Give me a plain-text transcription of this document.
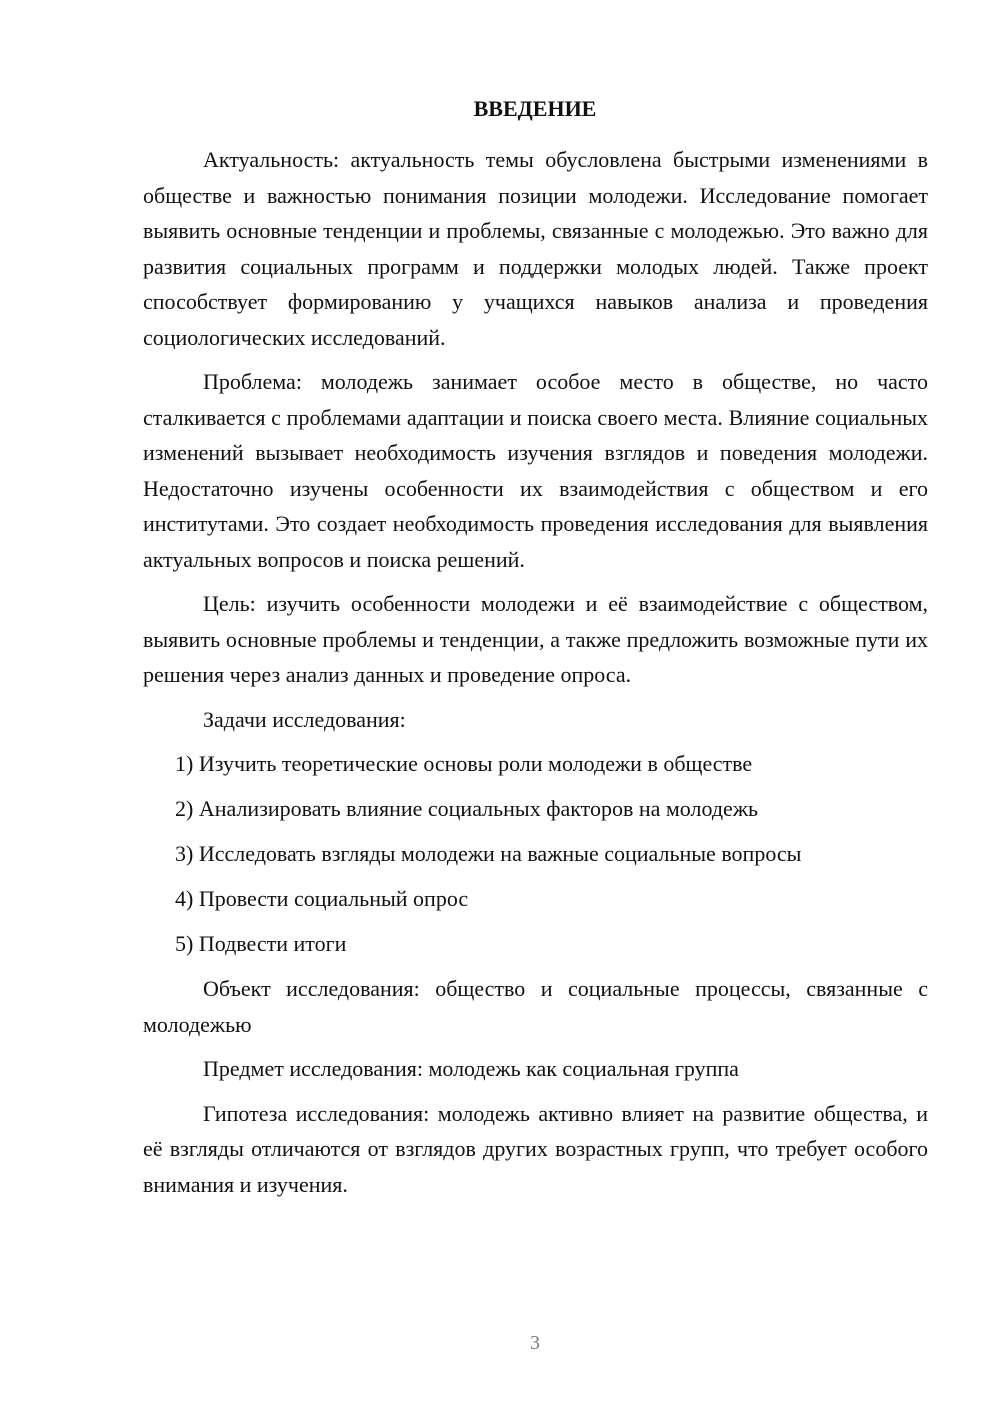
ВВЕДЕНИЕ

Актуальность: актуальность темы обусловлена быстрыми изменениями в обществе и важностью понимания позиции молодежи. Исследование помогает выявить основные тенденции и проблемы, связанные с молодежью. Это важно для развития социальных программ и поддержки молодых людей. Также проект способствует формированию у учащихся навыков анализа и проведения социологических исследований.

Проблема: молодежь занимает особое место в обществе, но часто сталкивается с проблемами адаптации и поиска своего места. Влияние социальных изменений вызывает необходимость изучения взглядов и поведения молодежи. Недостаточно изучены особенности их взаимодействия с обществом и его институтами. Это создает необходимость проведения исследования для выявления актуальных вопросов и поиска решений.

Цель: изучить особенности молодежи и её взаимодействие с обществом, выявить основные проблемы и тенденции, а также предложить возможные пути их решения через анализ данных и проведение опроса.

Задачи исследования:

1) Изучить теоретические основы роли молодежи в обществе
2) Анализировать влияние социальных факторов на молодежь
3) Исследовать взгляды молодежи на важные социальные вопросы
4) Провести социальный опрос
5) Подвести итоги

Объект исследования: общество и социальные процессы, связанные с молодежью

Предмет исследования: молодежь как социальная группа

Гипотеза исследования: молодежь активно влияет на развитие общества, и её взгляды отличаются от взглядов других возрастных групп, что требует особого внимания и изучения.

3
